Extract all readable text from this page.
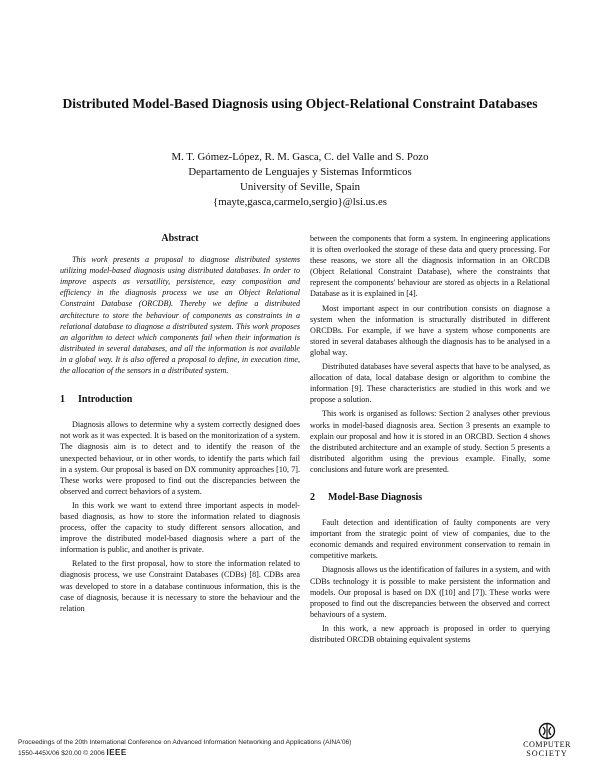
Distributed Model-Based Diagnosis using Object-Relational Constraint Databases
M. T. Gómez-López, R. M. Gasca, C. del Valle and S. Pozo
Departamento de Lenguajes y Sistemas Informticos
University of Seville, Spain
{mayte,gasca,carmelo,sergio}@lsi.us.es
Abstract

This work presents a proposal to diagnose distributed systems utilizing model-based diagnosis using distributed databases. In order to improve aspects as versatility, persistence, easy composition and efficiency in the diagnosis process we use an Object Relational Constraint Database (ORCDB). Thereby we define a distributed architecture to store the behaviour of components as constraints in a relational database to diagnose a distributed system. This work proposes an algorithm to detect which components fail when their information is distributed in several databases, and all the information is not available in a global way. It is also offered a proposal to define, in execution time, the allocation of the sensors in a distributed system.

1 Introduction

Diagnosis allows to determine why a system correctly designed does not work as it was expected. It is based on the monitorization of a system. The diagnosis aim is to detect and to identify the reason of the unexpected behaviour, or in other words, to identify the parts which fail in a system. Our proposal is based on DX community approaches [10, 7]. These works were proposed to find out the discrepancies between the observed and correct behaviors of a system.

In this work we want to extend three important aspects in model-based diagnosis, as how to store the information related to diagnosis process, offer the capacity to study different sensors allocation, and improve the distributed model-based diagnosis where a part of the information is public, and another is private.

Related to the first proposal, how to store the information related to diagnosis process, we use Constraint Databases (CDBs) [8]. CDBs area was developed to store in a database continuous information, this is the case of diagnosis, because it is necessary to store the behaviour and the relation

between the components that form a system. In engineering applications it is often overlooked the storage of these data and query processing. For these reasons, we store all the diagnosis information in an ORCDB (Object Relational Constraint Database), where the constraints that represent the components' behaviour are stored as objects in a Relational Database as it is explained in [4].

Most important aspect in our contribution consists on diagnose a system when the information is structurally distributed in different ORCDBs. For example, if we have a system whose components are stored in several databases although the diagnosis has to be analysed in a global way.

Distributed databases have several aspects that have to be analysed, as allocation of data, local database design or algorithm to combine the information [9]. These characteristics are studied in this work and we propose a solution.

This work is organised as follows: Section 2 analyses other previous works in model-based diagnosis area. Section 3 presents an example to explain our proposal and how it is stored in an ORCBD. Section 4 shows the distributed architecture and an example of study. Section 5 presents a distributed algorithm using the previous example. Finally, some conclusions and future work are presented.

2 Model-Base Diagnosis

Fault detection and identification of faulty components are very important from the strategic point of view of companies, due to the economic demands and required environment conservation to remain in competitive markets.

Diagnosis allows us the identification of failures in a system, and with CDBs technology it is possible to make persistent the information and models. Our proposal is based on DX ([10] and [7]). These works were proposed to find out the discrepancies between the observed and correct behaviours of a system.

In this work, a new approach is proposed in order to querying distributed ORCDB obtaining equivalent systems

Proceedings of the 20th International Conference on Advanced Information Networking and Applications (AINA'06)
1550-445X/06 $20.00 © 2006 IEEE
COMPUTER
SOCIETY
